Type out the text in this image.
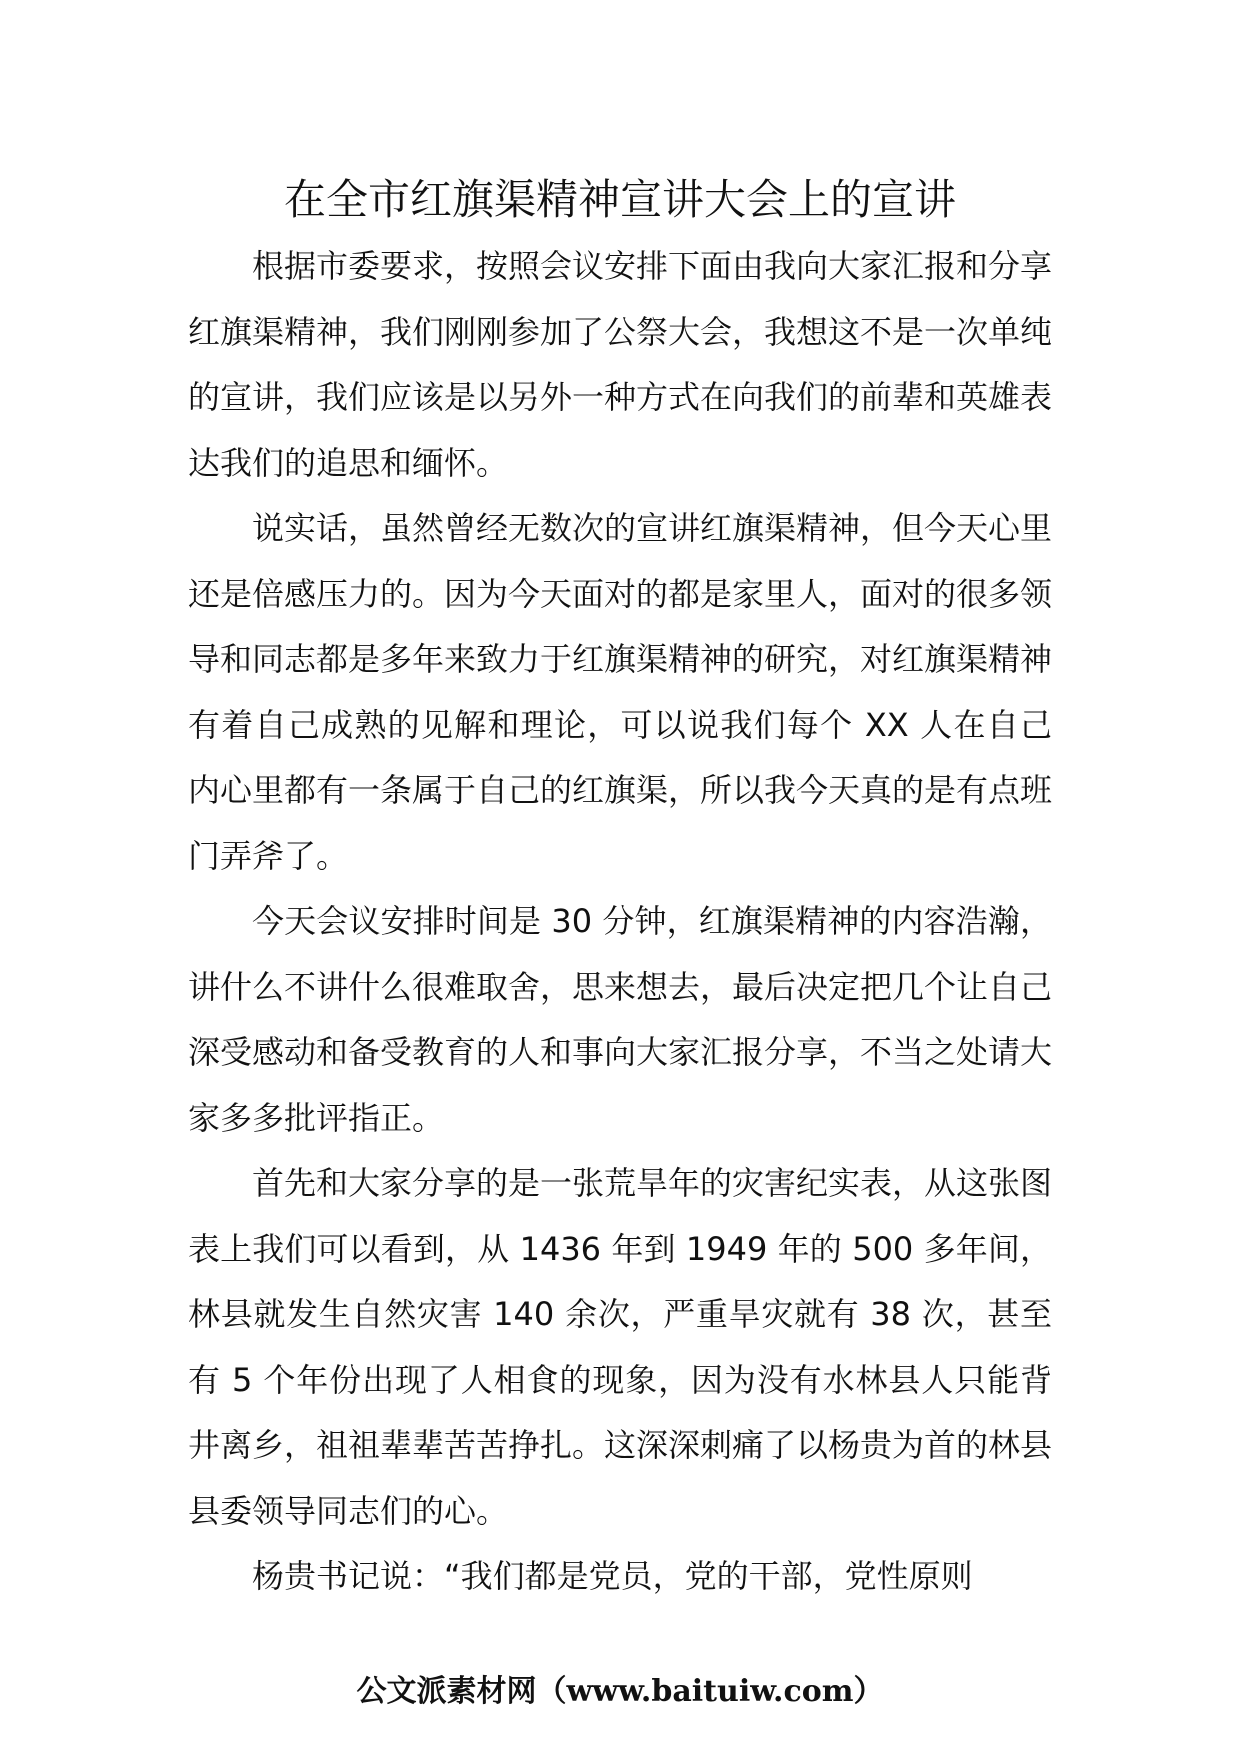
在全市红旗渠精神宣讲大会上的宣讲

根据市委要求，按照会议安排下面由我向大家汇报和分享红旗渠精神，我们刚刚参加了公祭大会，我想这不是一次单纯的宣讲，我们应该是以另外一种方式在向我们的前辈和英雄表达我们的追思和缅怀。

说实话，虽然曾经无数次的宣讲红旗渠精神，但今天心里还是倍感压力的。因为今天面对的都是家里人，面对的很多领导和同志都是多年来致力于红旗渠精神的研究，对红旗渠精神有着自己成熟的见解和理论，可以说我们每个 XX 人在自己内心里都有一条属于自己的红旗渠，所以我今天真的是有点班门弄斧了。

今天会议安排时间是 30 分钟，红旗渠精神的内容浩瀚，讲什么不讲什么很难取舍，思来想去，最后决定把几个让自己深受感动和备受教育的人和事向大家汇报分享，不当之处请大家多多批评指正。

首先和大家分享的是一张荒旱年的灾害纪实表，从这张图表上我们可以看到，从 1436 年到 1949 年的 500 多年间，林县就发生自然灾害 140 余次，严重旱灾就有 38 次，甚至有 5 个年份出现了人相食的现象，因为没有水林县人只能背井离乡，祖祖辈辈苦苦挣扎。这深深刺痛了以杨贵为首的林县县委领导同志们的心。

杨贵书记说：“我们都是党员，党的干部，党性原则

公文派素材网（www.baituiw.com）
